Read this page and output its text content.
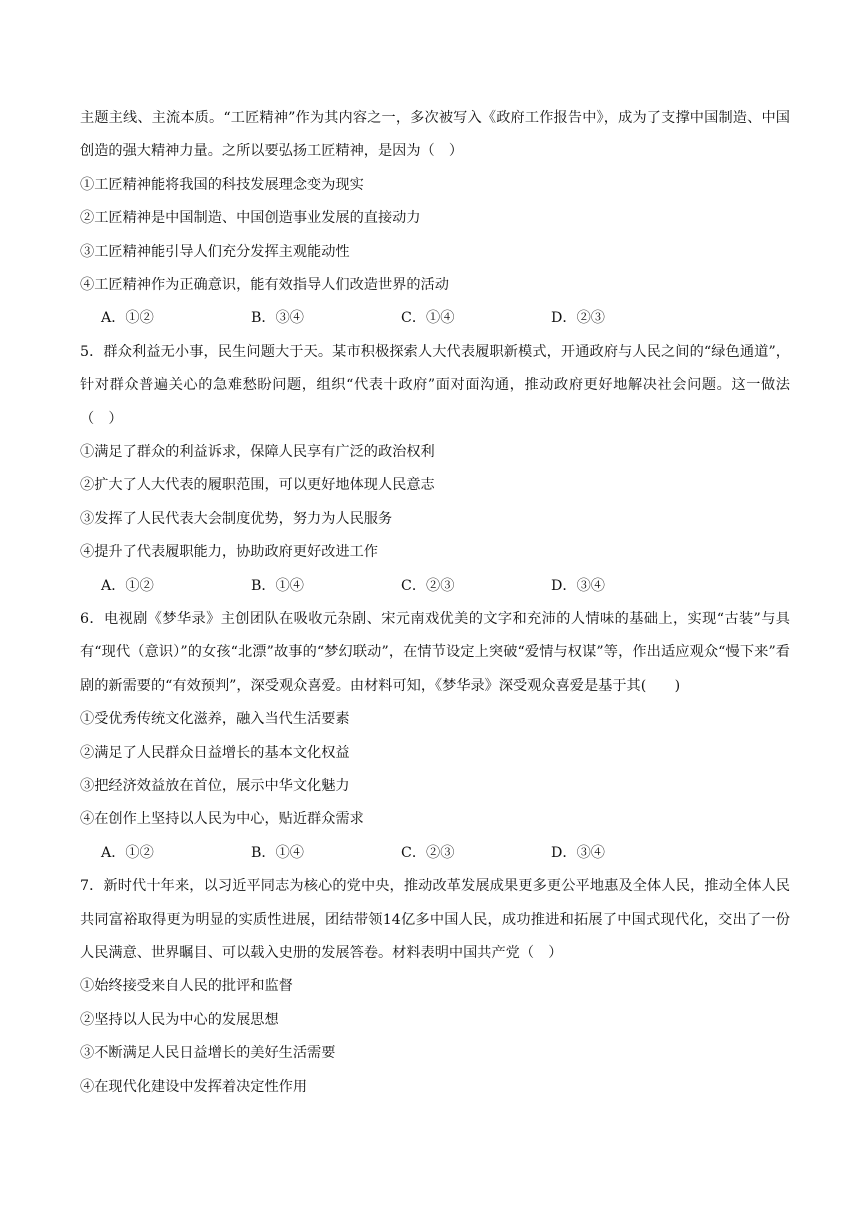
主题主线、主流本质。“工匠精神”作为其内容之一，多次被写入《政府工作报告中》，成为了支撑中国制造、中国创造的强大精神力量。之所以要弘扬工匠精神，是因为（　）
①工匠精神能将我国的科技发展理念变为现实
②工匠精神是中国制造、中国创造事业发展的直接动力
③工匠精神能引导人们充分发挥主观能动性
④工匠精神作为正确意识，能有效指导人们改造世界的活动
A．①②	B．③④	C．①④	D．②③
5．群众利益无小事，民生问题大于天。某市积极探索人大代表履职新模式，开通政府与人民之间的“绿色通道”，针对群众普遍关心的急难愁盼问题，组织“代表十政府”面对面沟通，推动政府更好地解决社会问题。这一做法（　）
①满足了群众的利益诉求，保障人民享有广泛的政治权利
②扩大了人大代表的履职范围，可以更好地体现人民意志
③发挥了人民代表大会制度优势，努力为人民服务
④提升了代表履职能力，协助政府更好改进工作
A．①②	B．①④	C．②③	D．③④
6．电视剧《梦华录》主创团队在吸收元杂剧、宋元南戏优美的文字和充沛的人情味的基础上，实现“古装”与具有“现代（意识）”的女孩“北漂”故事的“梦幻联动”，在情节设定上突破“爱情与权谋”等，作出适应观众“慢下来”看剧的新需要的“有效预判”，深受观众喜爱。由材料可知，《梦华录》深受观众喜爱是基于其(　　)
①受优秀传统文化滋养，融入当代生活要素
②满足了人民群众日益增长的基本文化权益
③把经济效益放在首位，展示中华文化魅力
④在创作上坚持以人民为中心，贴近群众需求
A．①②	B．①④	C．②③	D．③④
7．新时代十年来，以习近平同志为核心的党中央，推动改革发展成果更多更公平地惠及全体人民，推动全体人民共同富裕取得更为明显的实质性进展，团结带领14亿多中国人民，成功推进和拓展了中国式现代化，交出了一份人民满意、世界瞩目、可以载入史册的发展答卷。材料表明中国共产党（　）
①始终接受来自人民的批评和监督
②坚持以人民为中心的发展思想
③不断满足人民日益增长的美好生活需要
④在现代化建设中发挥着决定性作用
